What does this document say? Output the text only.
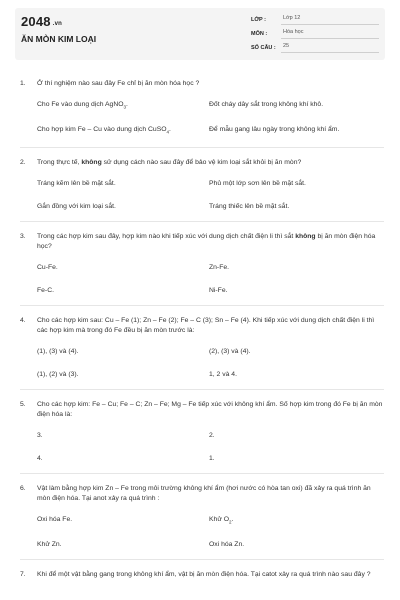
2048 .vn
ĂN MÒN KIM LOẠI
LỚP :	Lớp 12
MÔN :	Hóa học
SỐ CÂU :	25
1.	Ở thí nghiệm nào sau đây Fe chỉ bị ăn mòn hóa học ?
Cho Fe vào dung dịch AgNO$_3$.	Đốt cháy dây sắt trong không khí khô.
Cho hợp kim Fe – Cu vào dung dịch CuSO$_4$.	Để mẫu gang lâu ngày trong không khí ẩm.
2.	Trong thực tế, không sử dụng cách nào sau đây để bảo vệ kim loại sắt khỏi bị ăn mòn?
Tráng kẽm lên bề mặt sắt.	Phủ một lớp sơn lên bề mặt sắt.
Gắn đồng với kim loại sắt.	Tráng thiếc lên bề mặt sắt.
3.	Trong các hợp kim sau đây, hợp kim nào khi tiếp xúc với dung dịch chất điện li thì sắt không bị ăn mòn điện hóa học?
Cu-Fe.	Zn-Fe.
Fe-C.	Ni-Fe.
4.	Cho các hợp kim sau: Cu – Fe (1); Zn – Fe (2); Fe – C (3); Sn – Fe (4). Khi tiếp xúc với dung dịch chất điện li thì các hợp kim mà trong đó Fe đều bị ăn mòn trước là:
(1), (3) và (4).	(2), (3) và (4).
(1), (2) và (3).	1, 2 và 4.
5.	Cho các hợp kim: Fe – Cu; Fe – C; Zn – Fe; Mg – Fe tiếp xúc với không khí ẩm. Số hợp kim trong đó Fe bị ăn mòn điện hóa là:
3.	2.
4.	1.
6.	Vật làm bằng hợp kim Zn – Fe trong môi trường không khí ẩm (hơi nước có hòa tan oxi) đã xảy ra quá trình ăn mòn điện hóa. Tại anot xảy ra quá trình :
Oxi hóa Fe.	Khử $O_2$.
Khử Zn.	Oxi hóa Zn.
7.	Khi để một vật bằng gang trong không khí ẩm, vật bị ăn mòn điện hóa. Tại catot xảy ra quá trình nào sau đây ?
